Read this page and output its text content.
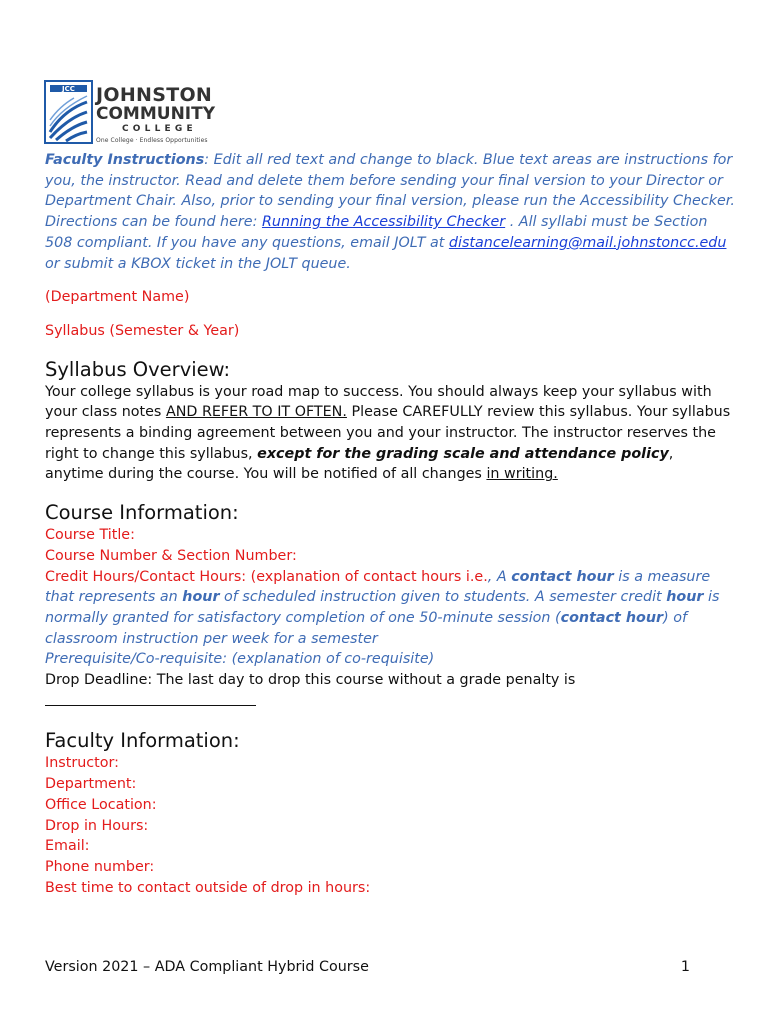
JCC JOHNSTON
COMMUNITY
COLLEGE
One College · Endless Opportunities

Faculty Instructions: Edit all red text and change to black. Blue text areas are instructions for you, the instructor. Read and delete them before sending your final version to your Director or Department Chair. Also, prior to sending your final version, please run the Accessibility Checker. Directions can be found here: Running the Accessibility Checker . All syllabi must be Section 508 compliant. If you have any questions, email JOLT at distancelearning@mail.johnstoncc.edu or submit a KBOX ticket in the JOLT queue.

(Department Name)

Syllabus (Semester & Year)

Syllabus Overview:

Your college syllabus is your road map to success. You should always keep your syllabus with your class notes AND REFER TO IT OFTEN. Please CAREFULLY review this syllabus. Your syllabus represents a binding agreement between you and your instructor. The instructor reserves the right to change this syllabus, except for the grading scale and attendance policy, anytime during the course. You will be notified of all changes in writing.

Course Information:

Course Title:

Course Number & Section Number:

Credit Hours/Contact Hours: (explanation of contact hours i.e., A contact hour is a measure that represents an hour of scheduled instruction given to students. A semester credit hour is normally granted for satisfactory completion of one 50-minute session (contact hour) of classroom instruction per week for a semester

Prerequisite/Co-requisite: (explanation of co-requisite)

Drop Deadline: The last day to drop this course without a grade penalty is

Faculty Information:

Instructor:

Department:

Office Location:

Drop in Hours:

Email:

Phone number:

Best time to contact outside of drop in hours:

Version 2021 – ADA Compliant Hybrid Course	1
